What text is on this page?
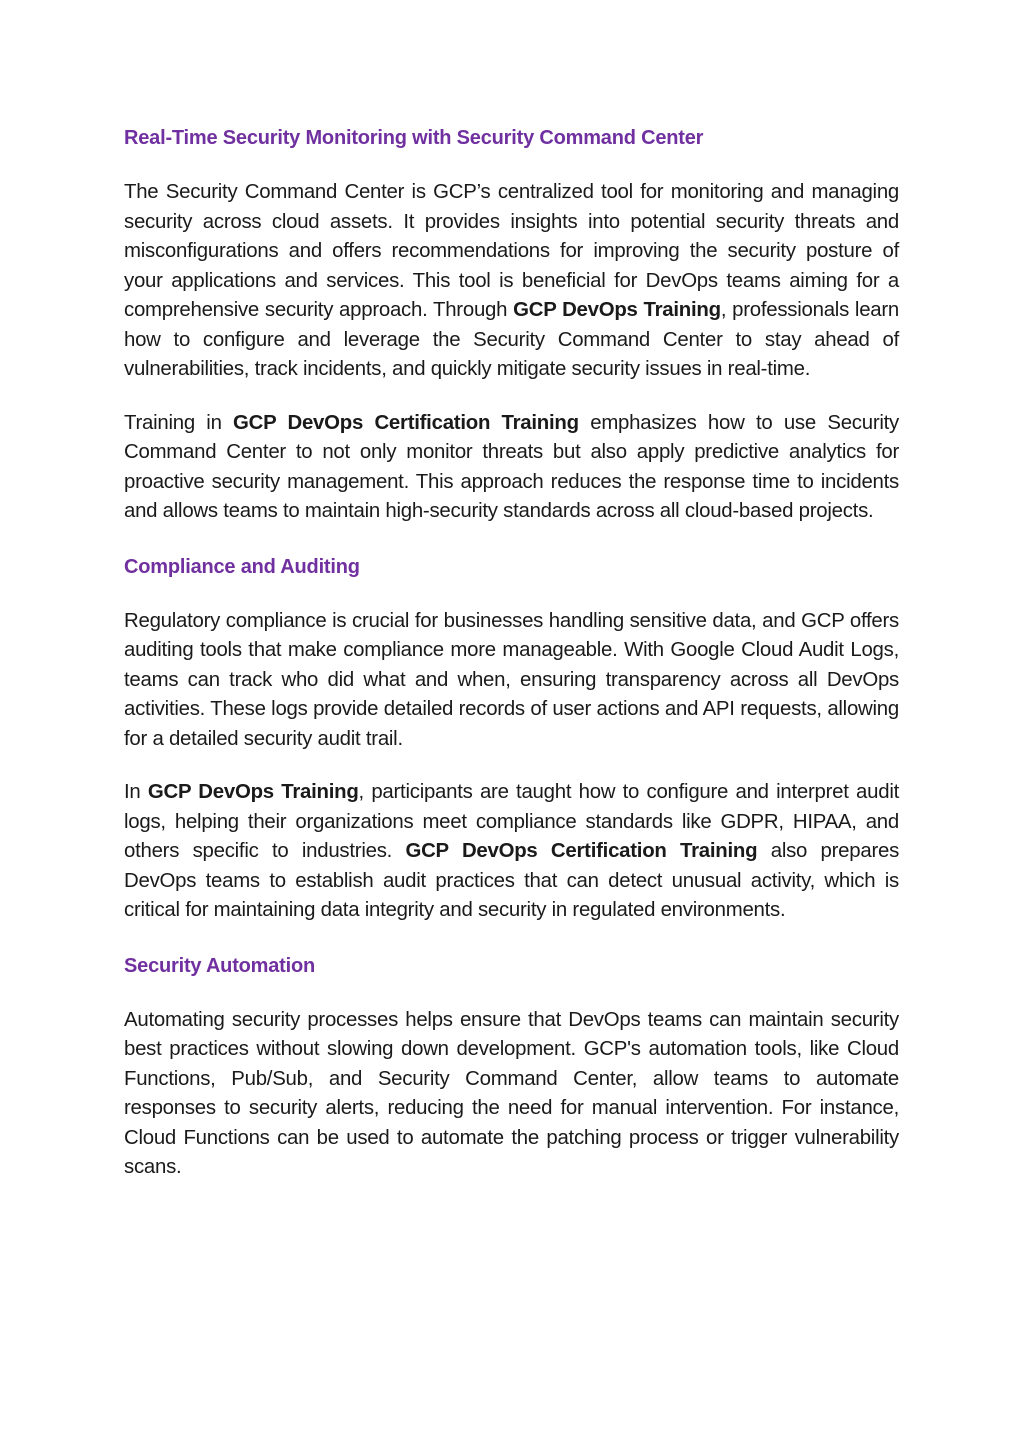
Real-Time Security Monitoring with Security Command Center

The Security Command Center is GCP’s centralized tool for monitoring and managing security across cloud assets. It provides insights into potential security threats and misconfigurations and offers recommendations for improving the security posture of your applications and services. This tool is beneficial for DevOps teams aiming for a comprehensive security approach. Through GCP DevOps Training, professionals learn how to configure and leverage the Security Command Center to stay ahead of vulnerabilities, track incidents, and quickly mitigate security issues in real-time.

Training in GCP DevOps Certification Training emphasizes how to use Security Command Center to not only monitor threats but also apply predictive analytics for proactive security management. This approach reduces the response time to incidents and allows teams to maintain high-security standards across all cloud-based projects.

Compliance and Auditing

Regulatory compliance is crucial for businesses handling sensitive data, and GCP offers auditing tools that make compliance more manageable. With Google Cloud Audit Logs, teams can track who did what and when, ensuring transparency across all DevOps activities. These logs provide detailed records of user actions and API requests, allowing for a detailed security audit trail.

In GCP DevOps Training, participants are taught how to configure and interpret audit logs, helping their organizations meet compliance standards like GDPR, HIPAA, and others specific to industries. GCP DevOps Certification Training also prepares DevOps teams to establish audit practices that can detect unusual activity, which is critical for maintaining data integrity and security in regulated environments.

Security Automation

Automating security processes helps ensure that DevOps teams can maintain security best practices without slowing down development. GCP's automation tools, like Cloud Functions, Pub/Sub, and Security Command Center, allow teams to automate responses to security alerts, reducing the need for manual intervention. For instance, Cloud Functions can be used to automate the patching process or trigger vulnerability scans.
